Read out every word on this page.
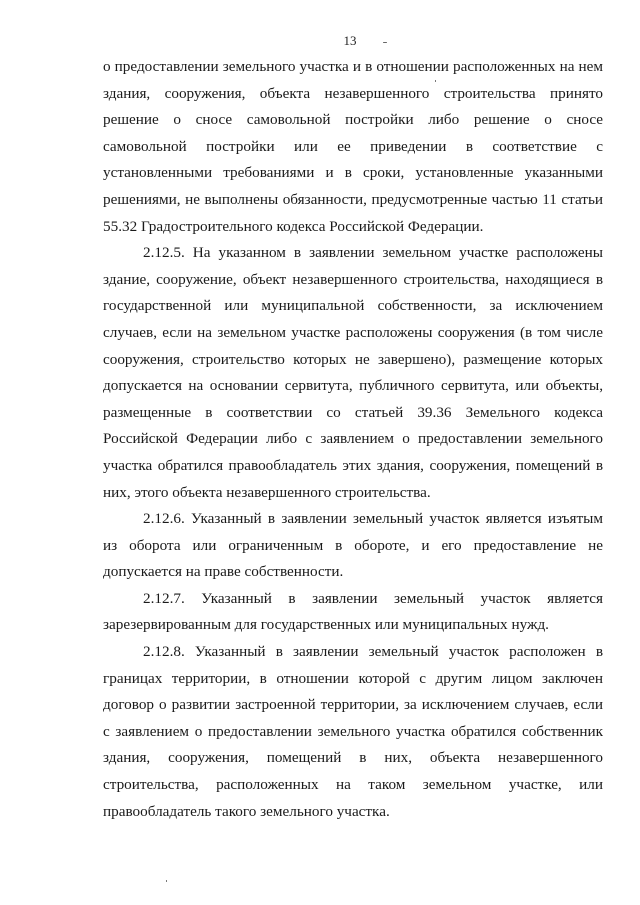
13

о предоставлении земельного участка и в отношении расположенных на нем здания, сооружения, объекта незавершенного строительства принято решение о сносе самовольной постройки либо решение о сносе самовольной постройки или ее приведении в соответствие с установленными требованиями и в сроки, установленные указанными решениями, не выполнены обязанности, предусмотренные частью 11 статьи 55.32 Градостроительного кодекса Российской Федерации.

2.12.5. На указанном в заявлении земельном участке расположены здание, сооружение, объект незавершенного строительства, находящиеся в государственной или муниципальной собственности, за исключением случаев, если на земельном участке расположены сооружения (в том числе сооружения, строительство которых не завершено), размещение которых допускается на основании сервитута, публичного сервитута, или объекты, размещенные в соответствии со статьей 39.36 Земельного кодекса Российской Федерации либо с заявлением о предоставлении земельного участка обратился правообладатель этих здания, сооружения, помещений в них, этого объекта незавершенного строительства.

2.12.6. Указанный в заявлении земельный участок является изъятым из оборота или ограниченным в обороте, и его предоставление не допускается на праве собственности.

2.12.7. Указанный в заявлении земельный участок является зарезервированным для государственных или муниципальных нужд.

2.12.8. Указанный в заявлении земельный участок расположен в границах территории, в отношении которой с другим лицом заключен договор о развитии застроенной территории, за исключением случаев, если с заявлением о предоставлении земельного участка обратился собственник здания, сооружения, помещений в них, объекта незавершенного строительства, расположенных на таком земельном участке, или правообладатель такого земельного участка.
